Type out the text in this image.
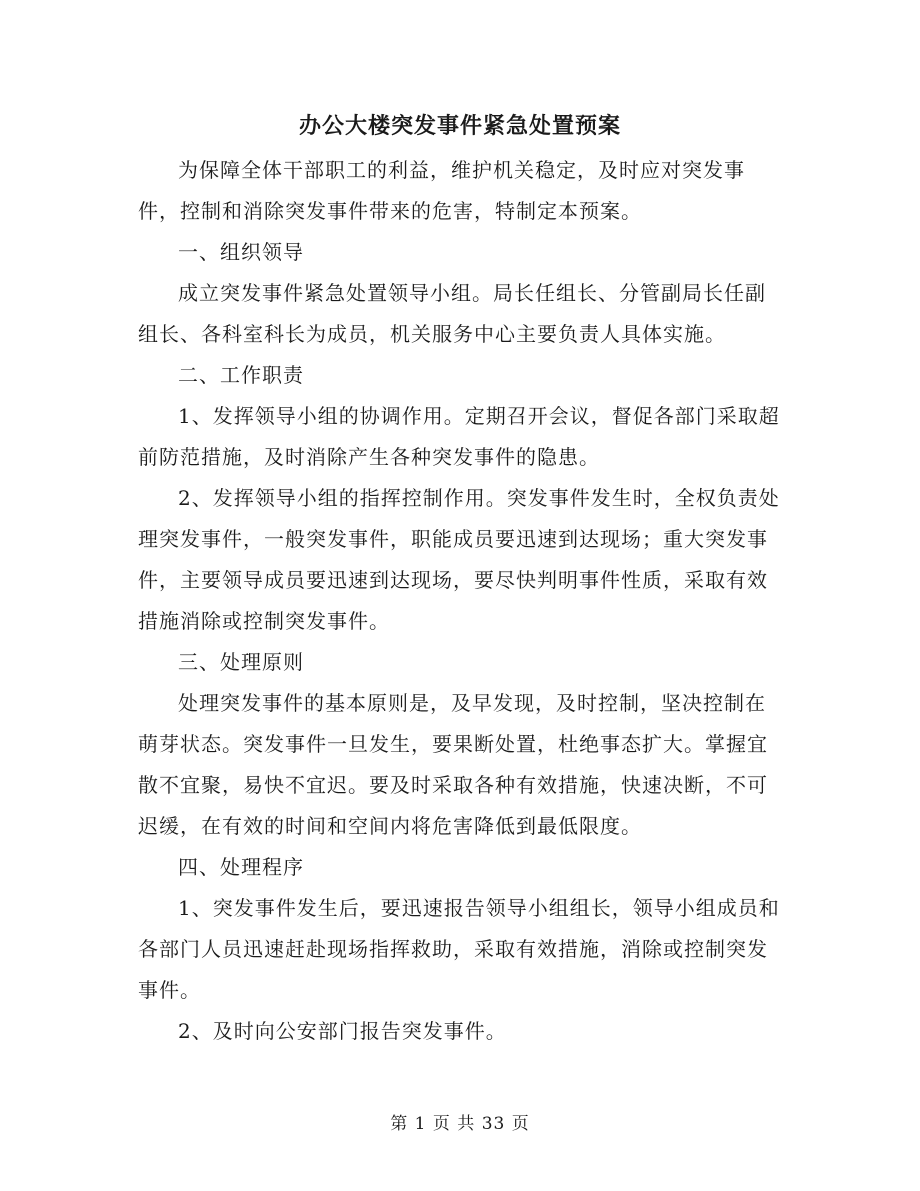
办公大楼突发事件紧急处置预案

为保障全体干部职工的利益，维护机关稳定，及时应对突发事件，控制和消除突发事件带来的危害，特制定本预案。

一、组织领导

成立突发事件紧急处置领导小组。局长任组长、分管副局长任副组长、各科室科长为成员，机关服务中心主要负责人具体实施。

二、工作职责

1、发挥领导小组的协调作用。定期召开会议，督促各部门采取超前防范措施，及时消除产生各种突发事件的隐患。

2、发挥领导小组的指挥控制作用。突发事件发生时，全权负责处理突发事件，一般突发事件，职能成员要迅速到达现场；重大突发事件，主要领导成员要迅速到达现场，要尽快判明事件性质，采取有效措施消除或控制突发事件。

三、处理原则

处理突发事件的基本原则是，及早发现，及时控制，坚决控制在萌芽状态。突发事件一旦发生，要果断处置，杜绝事态扩大。掌握宜散不宜聚，易快不宜迟。要及时采取各种有效措施，快速决断，不可迟缓，在有效的时间和空间内将危害降低到最低限度。

四、处理程序

1、突发事件发生后，要迅速报告领导小组组长，领导小组成员和各部门人员迅速赶赴现场指挥救助，采取有效措施，消除或控制突发事件。

2、及时向公安部门报告突发事件。

第 1 页 共 33 页
